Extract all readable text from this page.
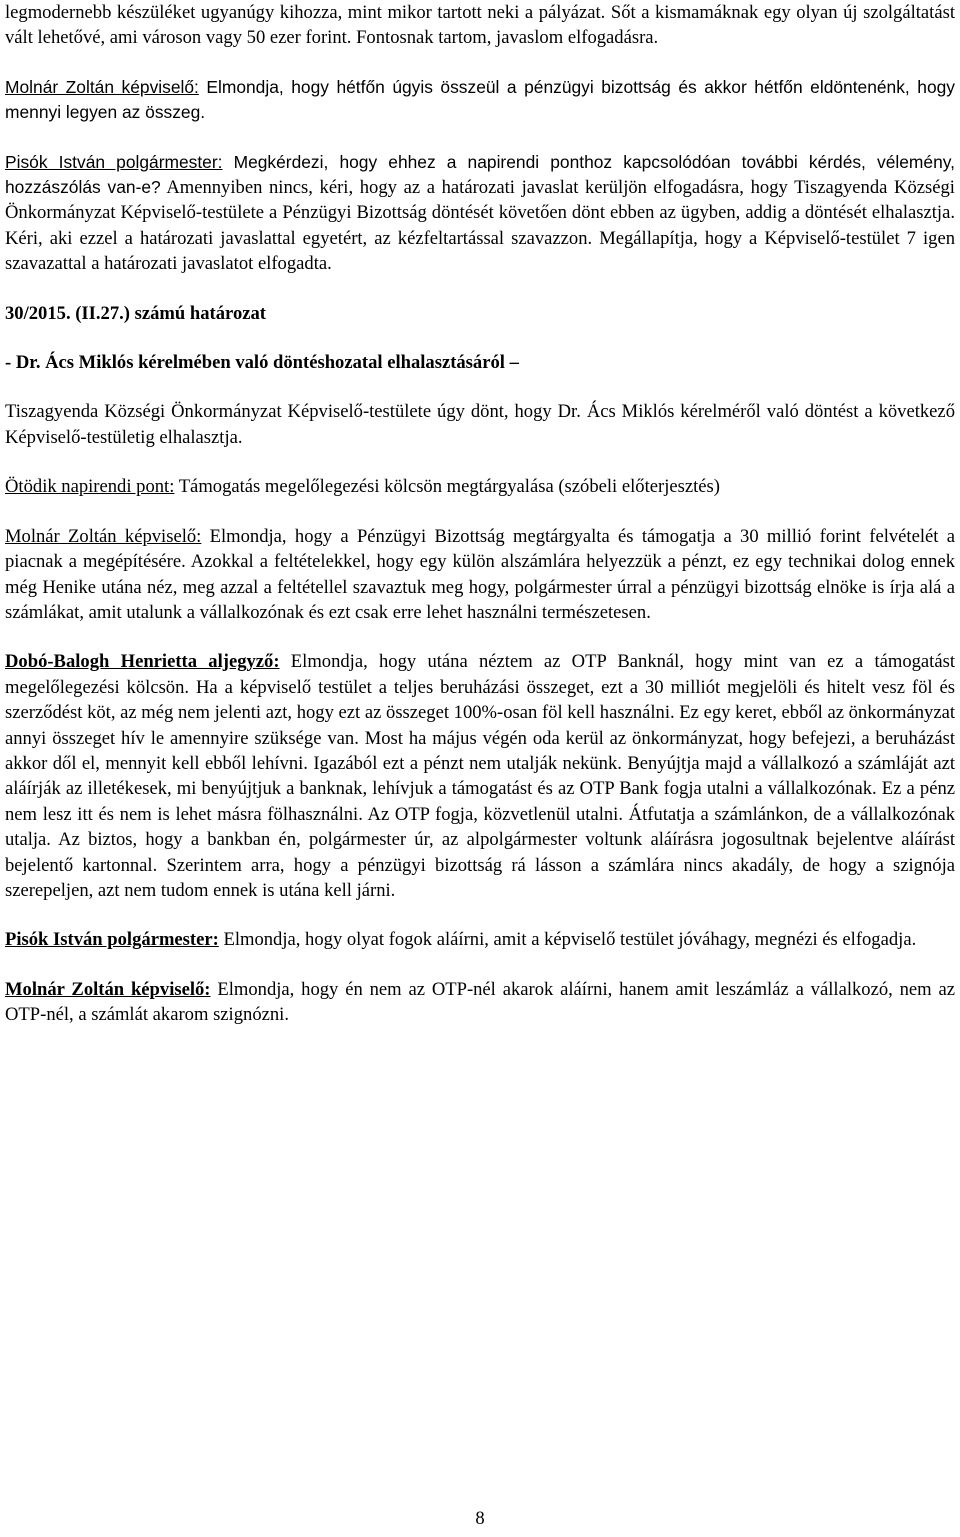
legmodernebb készüléket ugyanúgy kihozza, mint mikor tartott neki a pályázat. Sőt a kismamáknak egy olyan új szolgáltatást vált lehetővé, ami városon vagy 50 ezer forint. Fontosnak tartom, javaslom elfogadásra.

Molnár Zoltán képviselő: Elmondja, hogy hétfőn úgyis összeül a pénzügyi bizottság és akkor hétfőn eldöntenénk, hogy mennyi legyen az összeg.

Pisók István polgármester: Megkérdezi, hogy ehhez a napirendi ponthoz kapcsolódóan további kérdés, vélemény, hozzászólás van-e? Amennyiben nincs, kéri, hogy az a határozati javaslat kerüljön elfogadásra, hogy Tiszagyenda Községi Önkormányzat Képviselő-testülete a Pénzügyi Bizottság döntését követően dönt ebben az ügyben, addig a döntését elhalasztja. Kéri, aki ezzel a határozati javaslattal egyetért, az kézfeltartással szavazzon. Megállapítja, hogy a Képviselő-testület 7 igen szavazattal a határozati javaslatot elfogadta.

30/2015. (II.27.) számú határozat

- Dr. Ács Miklós kérelmében való döntéshozatal elhalasztásáról –

Tiszagyenda Községi Önkormányzat Képviselő-testülete úgy dönt, hogy Dr. Ács Miklós kérelméről való döntést a következő Képviselő-testületig elhalasztja.

Ötödik napirendi pont: Támogatás megelőlegezési kölcsön megtárgyalása (szóbeli előterjesztés)

Molnár Zoltán képviselő: Elmondja, hogy a Pénzügyi Bizottság megtárgyalta és támogatja a 30 millió forint felvételét a piacnak a megépítésére. Azokkal a feltételekkel, hogy egy külön alszámlára helyezzük a pénzt, ez egy technikai dolog ennek még Henike utána néz, meg azzal a feltétellel szavaztuk meg hogy, polgármester úrral a pénzügyi bizottság elnöke is írja alá a számlákat, amit utalunk a vállalkozónak és ezt csak erre lehet használni természetesen.

Dobó-Balogh Henrietta aljegyző: Elmondja, hogy utána néztem az OTP Banknál, hogy mint van ez a támogatást megelőlegezési kölcsön. Ha a képviselő testület a teljes beruházási összeget, ezt a 30 milliót megjelöli és hitelt vesz föl és szerződést köt, az még nem jelenti azt, hogy ezt az összeget 100%-osan föl kell használni. Ez egy keret, ebből az önkormányzat annyi összeget hív le amennyire szüksége van. Most ha május végén oda kerül az önkormányzat, hogy befejezi, a beruházást akkor dől el, mennyit kell ebből lehívni. Igazából ezt a pénzt nem utalják nekünk. Benyújtja majd a vállalkozó a számláját azt aláírják az illetékesek, mi benyújtjuk a banknak, lehívjuk a támogatást és az OTP Bank fogja utalni a vállalkozónak. Ez a pénz nem lesz itt és nem is lehet másra fölhasználni. Az OTP fogja, közvetlenül utalni. Átfutatja a számlánkon, de a vállalkozónak utalja. Az biztos, hogy a bankban én, polgármester úr, az alpolgármester voltunk aláírásra jogosultnak bejelentve aláírást bejelentő kartonnal. Szerintem arra, hogy a pénzügyi bizottság rá lásson a számlára nincs akadály, de hogy a szignója szerepeljen, azt nem tudom ennek is utána kell járni.

Pisók István polgármester: Elmondja, hogy olyat fogok aláírni, amit a képviselő testület jóváhagy, megnézi és elfogadja.

Molnár Zoltán képviselő: Elmondja, hogy én nem az OTP-nél akarok aláírni, hanem amit leszámláz a vállalkozó, nem az OTP-nél, a számlát akarom szignózni.

8
